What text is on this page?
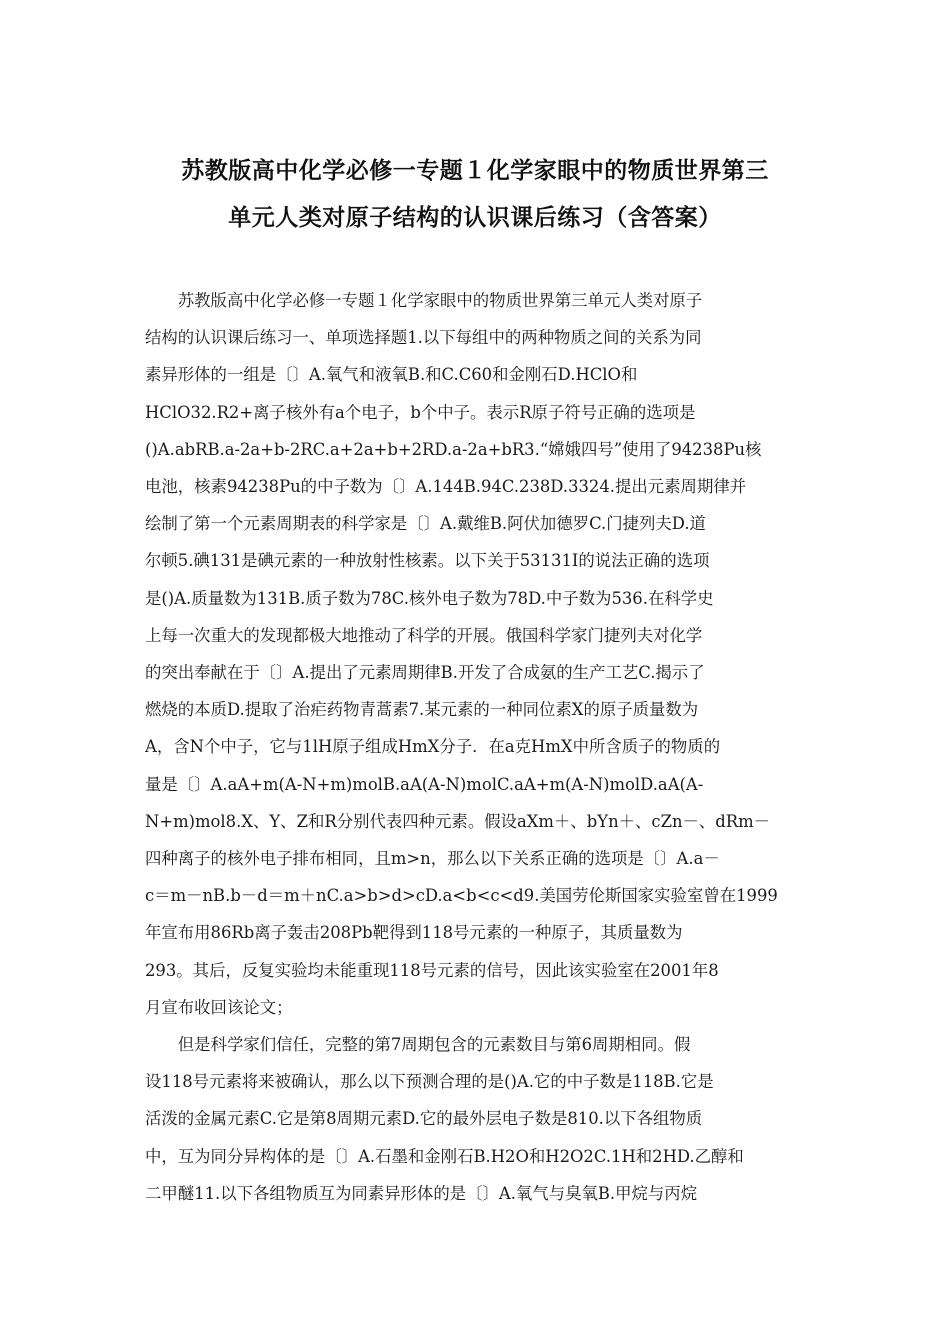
苏教版高中化学必修一专题１化学家眼中的物质世界第三
单元人类对原子结构的认识课后练习（含答案）
　　苏教版高中化学必修一专题１化学家眼中的物质世界第三单元人类对原子
结构的认识课后练习一、单项选择题1.以下每组中的两种物质之间的关系为同
素异形体的一组是〔〕A.氧气和液氧B.和C.C60和金刚石D.HClO和
HClO32.R2+离子核外有a个电子，b个中子。表示R原子符号正确的选项是
()A.abRB.a-2a+b-2RC.a+2a+b+2RD.a-2a+bR3.“嫦娥四号”使用了94238Pu核
电池，核素94238Pu的中子数为〔〕A.144B.94C.238D.3324.提出元素周期律并
绘制了第一个元素周期表的科学家是〔〕A.戴维B.阿伏加德罗C.门捷列夫D.道
尔顿5.碘131是碘元素的一种放射性核素。以下关于53131I的说法正确的选项
是()A.质量数为131B.质子数为78C.核外电子数为78D.中子数为536.在科学史
上每一次重大的发现都极大地推动了科学的开展。俄国科学家门捷列夫对化学
的突出奉献在于〔〕A.提出了元素周期律B.开发了合成氨的生产工艺C.揭示了
燃烧的本质D.提取了治疟药物青蒿素7.某元素的一种同位素X的原子质量数为
A，含N个中子，它与1lH原子组成HmX分子．在a克HmX中所含质子的物质的
量是〔〕A.aA+m(A-N+m)molB.aA(A-N)molC.aA+m(A-N)molD.aA(A-
N+m)mol8.X、Y、Z和R分别代表四种元素。假设aXm＋、bYn＋、cZn－、dRm－
四种离子的核外电子排布相同，且m>n，那么以下关系正确的选项是〔〕A.a－
c＝m－nB.b－d＝m＋nC.a>b>d>cD.a<b<c<d9.美国劳伦斯国家实验室曾在1999
年宣布用86Rb离子轰击208Pb靶得到118号元素的一种原子，其质量数为
293。其后，反复实验均未能重现118号元素的信号，因此该实验室在2001年8
月宣布收回该论文；
　　但是科学家们信任，完整的第7周期包含的元素数目与第6周期相同。假
设118号元素将来被确认，那么以下预测合理的是()A.它的中子数是118B.它是
活泼的金属元素C.它是第8周期元素D.它的最外层电子数是810.以下各组物质
中，互为同分异构体的是〔〕A.石墨和金刚石B.H2O和H2O2C.1H和2HD.乙醇和
二甲醚11.以下各组物质互为同素异形体的是〔〕A.氧气与臭氧B.甲烷与丙烷
